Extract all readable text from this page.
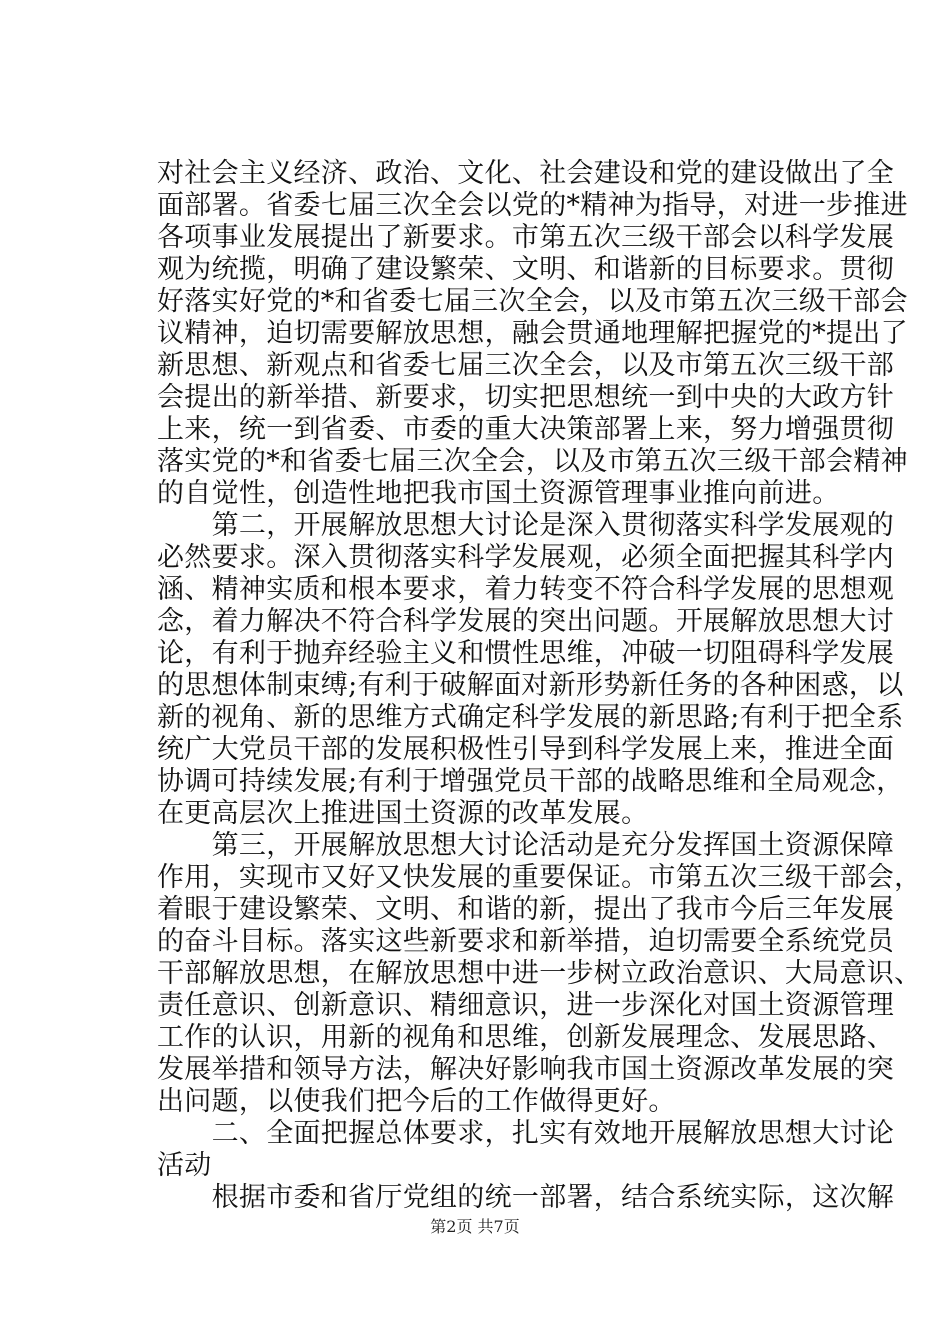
对社会主义经济、政治、文化、社会建设和党的建设做出了全
面部署。省委七届三次全会以党的*精神为指导，对进一步推进
各项事业发展提出了新要求。市第五次三级干部会以科学发展
观为统揽，明确了建设繁荣、文明、和谐新的目标要求。贯彻
好落实好党的*和省委七届三次全会，以及市第五次三级干部会
议精神，迫切需要解放思想，融会贯通地理解把握党的*提出了
新思想、新观点和省委七届三次全会，以及市第五次三级干部
会提出的新举措、新要求，切实把思想统一到中央的大政方针
上来，统一到省委、市委的重大决策部署上来，努力增强贯彻
落实党的*和省委七届三次全会，以及市第五次三级干部会精神
的自觉性，创造性地把我市国土资源管理事业推向前进。
　　第二，开展解放思想大讨论是深入贯彻落实科学发展观的
必然要求。深入贯彻落实科学发展观，必须全面把握其科学内
涵、精神实质和根本要求，着力转变不符合科学发展的思想观
念，着力解决不符合科学发展的突出问题。开展解放思想大讨
论，有利于抛弃经验主义和惯性思维，冲破一切阻碍科学发展
的思想体制束缚;有利于破解面对新形势新任务的各种困惑，以
新的视角、新的思维方式确定科学发展的新思路;有利于把全系
统广大党员干部的发展积极性引导到科学发展上来，推进全面
协调可持续发展;有利于增强党员干部的战略思维和全局观念，
在更高层次上推进国土资源的改革发展。
　　第三，开展解放思想大讨论活动是充分发挥国土资源保障
作用，实现市又好又快发展的重要保证。市第五次三级干部会，
着眼于建设繁荣、文明、和谐的新，提出了我市今后三年发展
的奋斗目标。落实这些新要求和新举措，迫切需要全系统党员
干部解放思想，在解放思想中进一步树立政治意识、大局意识、
责任意识、创新意识、精细意识，进一步深化对国土资源管理
工作的认识，用新的视角和思维，创新发展理念、发展思路、
发展举措和领导方法，解决好影响我市国土资源改革发展的突
出问题，以使我们把今后的工作做得更好。
　　二、全面把握总体要求，扎实有效地开展解放思想大讨论
活动
　　根据市委和省厅党组的统一部署，结合系统实际，这次解
第2页 共7页
